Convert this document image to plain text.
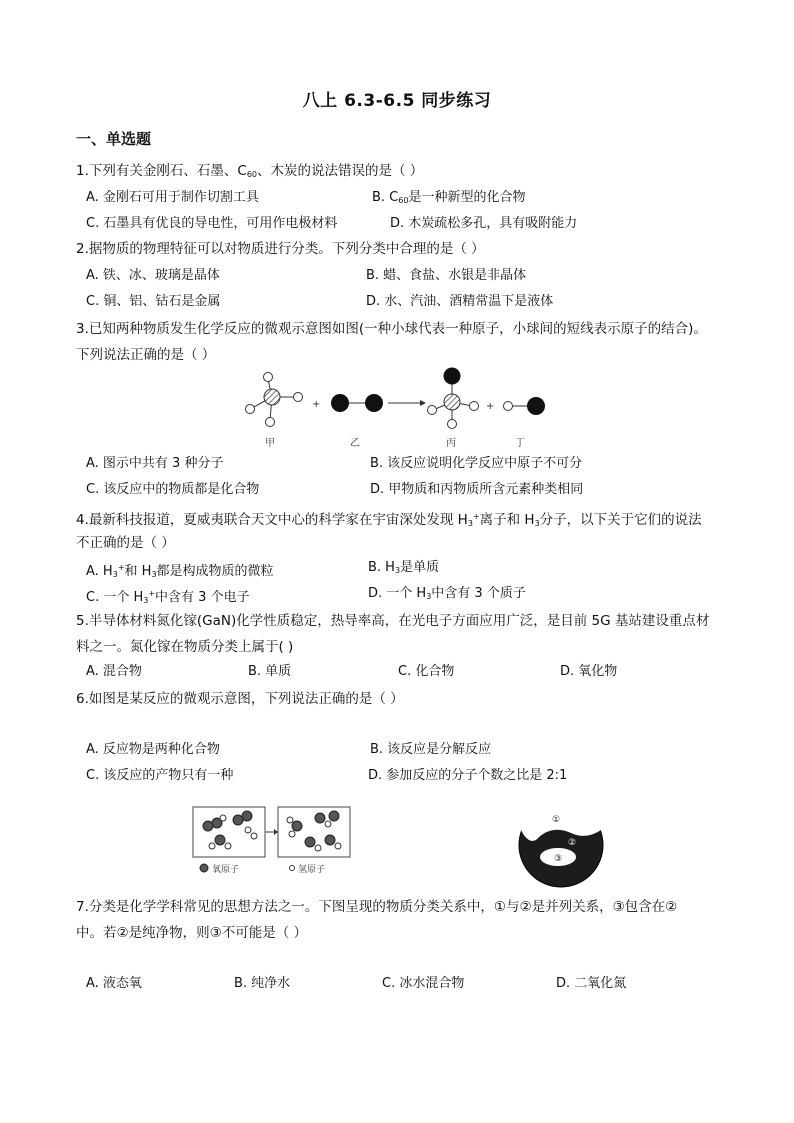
八上 6.3-6.5 同步练习
一、单选题
1.下列有关金刚石、石墨、$C_{60}$、木炭的说法错误的是（ ）
A. 金刚石可用于制作切割工具	B. $C_{60}$是一种新型的化合物
C. 石墨具有优良的导电性，可用作电极材料	D. 木炭疏松多孔，具有吸附能力
2.据物质的物理特征可以对物质进行分类。下列分类中合理的是（ ）
A. 铁、冰、玻璃是晶体	B. 蜡、食盐、水银是非晶体
C. 铜、铝、钴石是金属	D. 水、汽油、酒精常温下是液体
3.已知两种物质发生化学反应的微观示意图如图(一种小球代表一种原子，小球间的短线表示原子的结合)。
下列说法正确的是（ ）
+	+
甲	乙	丙	丁
A. 图示中共有 3 种分子	B. 该反应说明化学反应中原子不可分
C. 该反应中的物质都是化合物	D. 甲物质和丙物质所含元素种类相同
4.最新科技报道，夏威夷联合天文中心的科学家在宇宙深处发现 $H_3^+$离子和 $H_3$分子，以下关于它们的说法
不正确的是（ ）
A. $H_3^+$和 $H_3$都是构成物质的微粒	B. $H_3$是单质
C. 一个 $H_3^+$中含有 3 个电子	D. 一个 $H_3$中含有 3 个质子
5.半导体材料氮化镓(GaN)化学性质稳定，热导率高，在光电子方面应用广泛，是目前 5G 基站建设重点材
料之一。氮化镓在物质分类上属于( )
A. 混合物	B. 单质	C. 化合物	D. 氧化物
6.如图是某反应的微观示意图，下列说法正确的是（ ）
A. 反应物是两种化合物	B. 该反应是分解反应
C. 该反应的产物只有一种	D. 参加反应的分子个数之比是 2:1
氧原子	氢原子
①
②
③
7.分类是化学学科常见的思想方法之一。下图呈现的物质分类关系中，①与②是并列关系，③包含在②
中。若②是纯净物，则③不可能是（ ）
A. 液态氧	B. 纯净水	C. 冰水混合物	D. 二氧化氮
